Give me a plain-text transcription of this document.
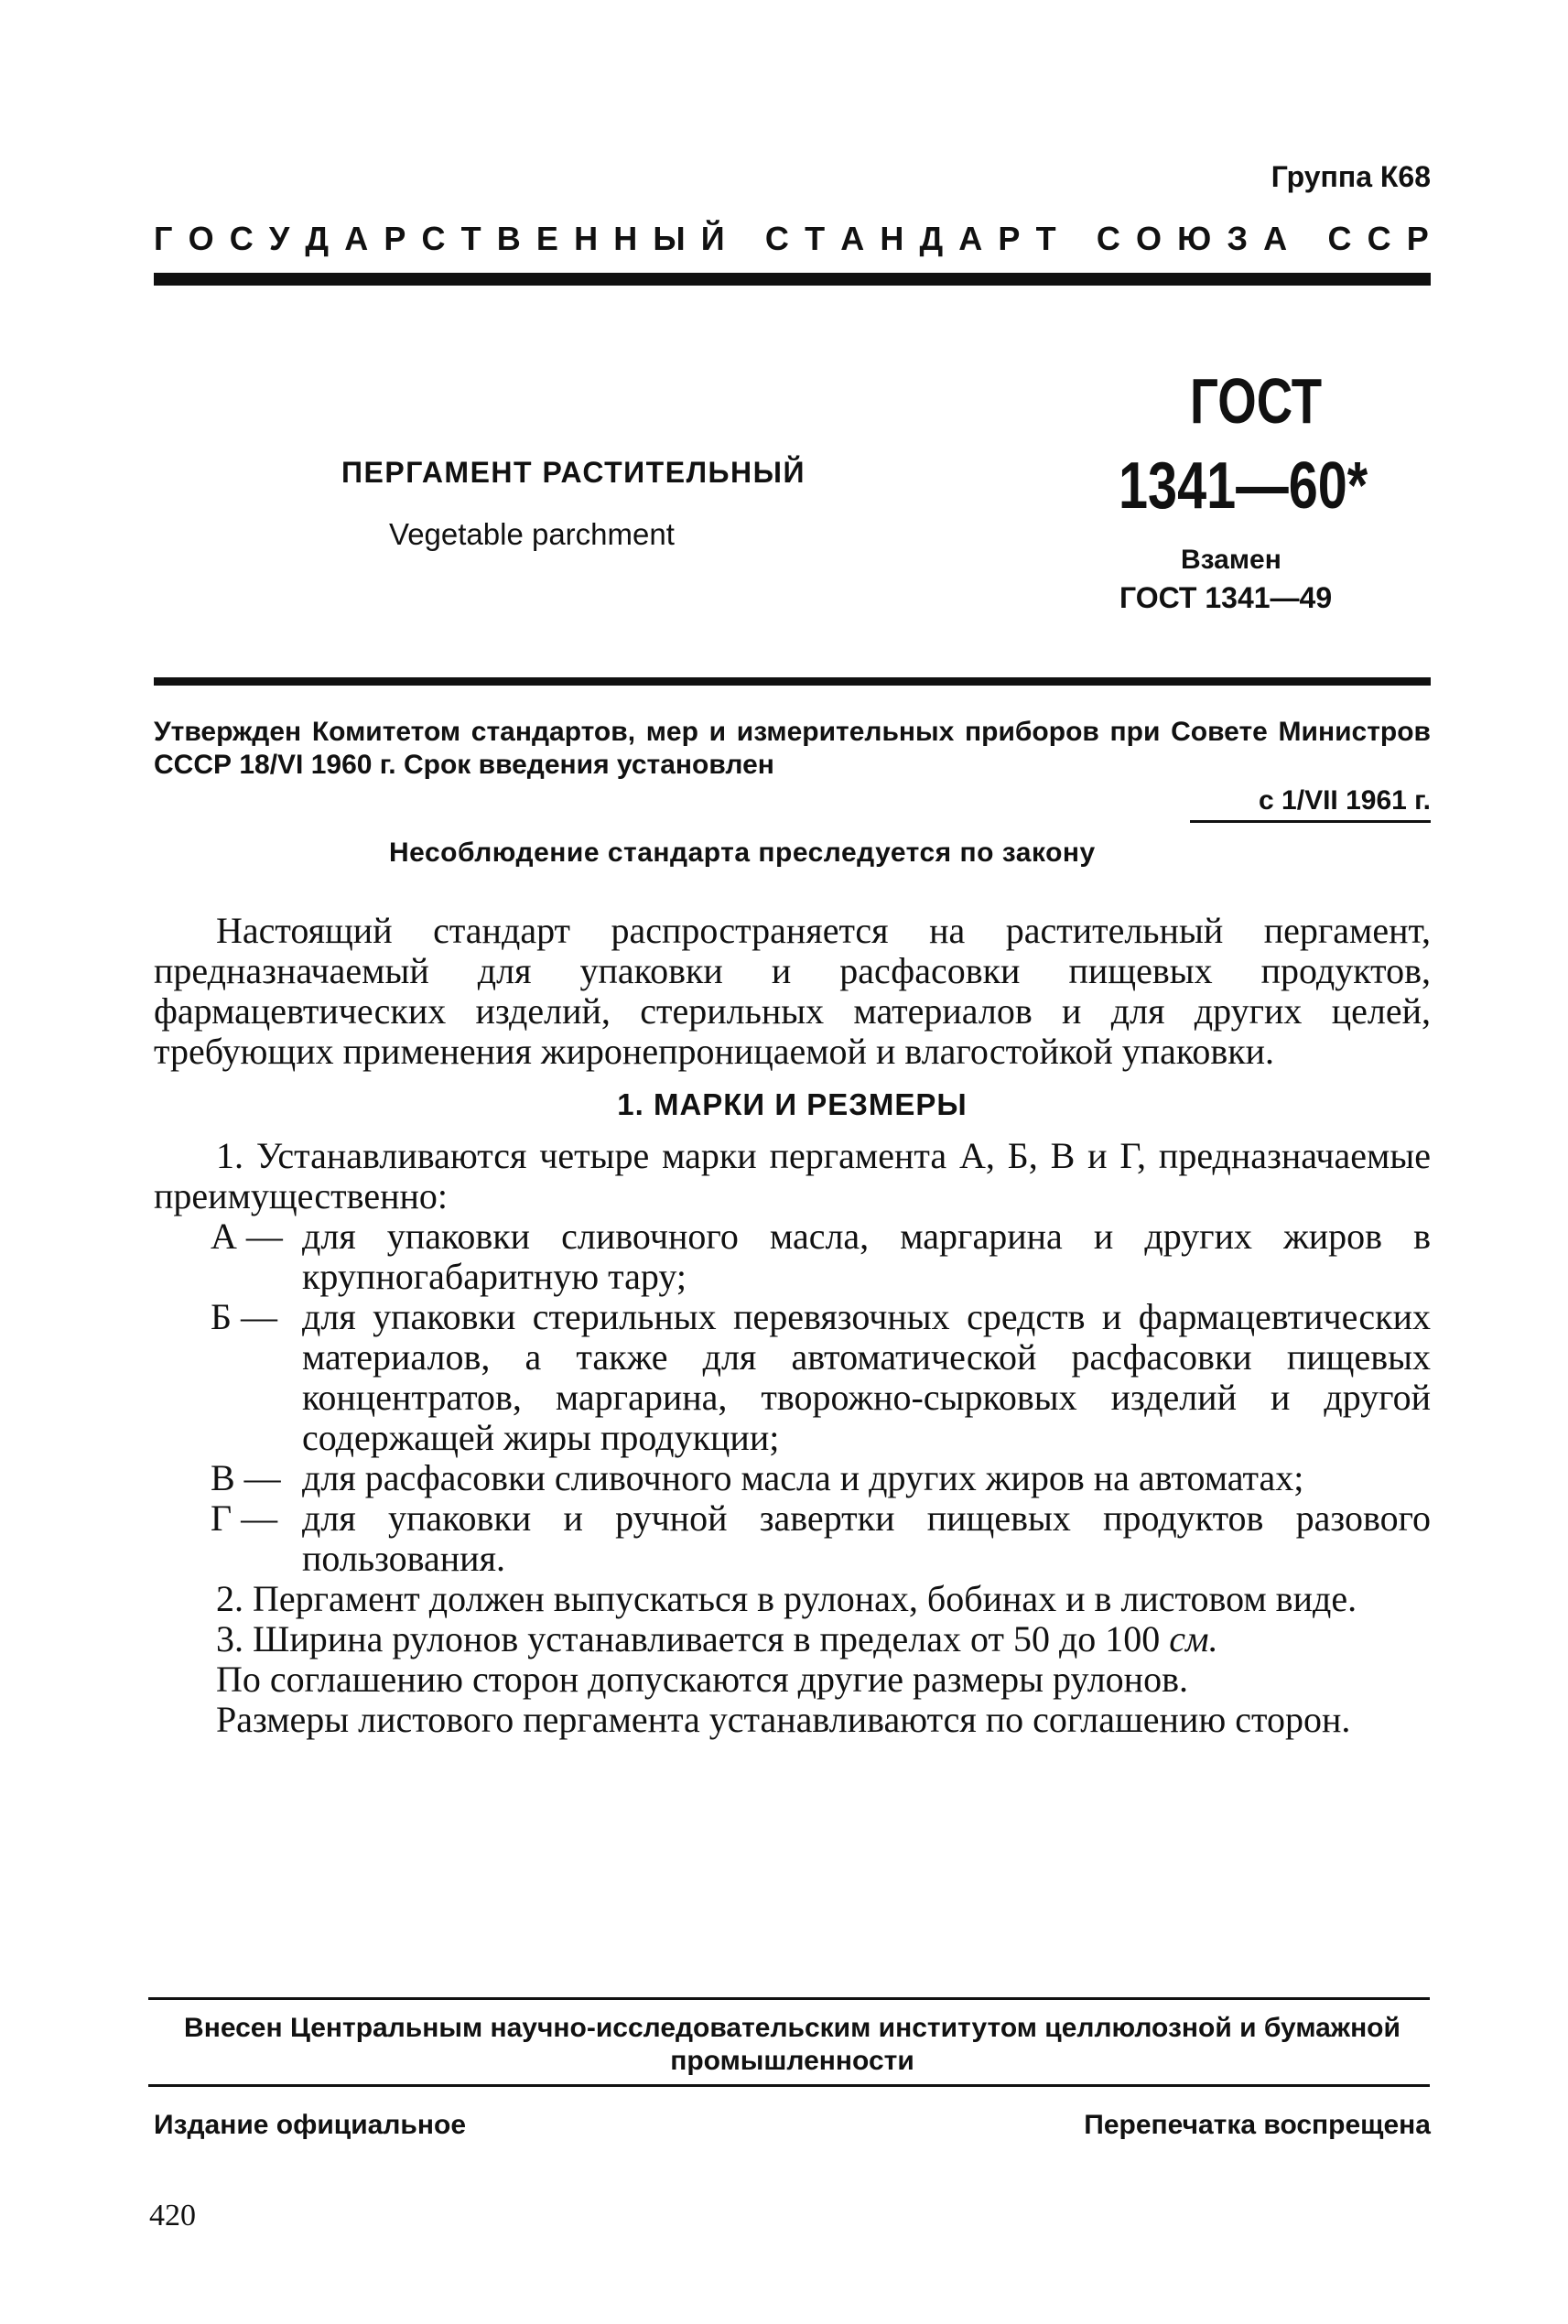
Группа К68
Г О С У Д А Р С Т В Е Н Н Ы Й
С Т А Н Д А Р Т
С О Ю З А
С С Р
ПЕРГАМЕНТ РАСТИТЕЛЬНЫЙ
Vegetable parchment
ГОСТ
1341—60*
Взамен
ГОСТ 1341—49
Утвержден Комитетом стандартов, мер и измерительных приборов при Совете Министров СССР 18/VI 1960 г. Срок введения установлен
с 1/VII 1961 г.
Несоблюдение стандарта преследуется по закону

Настоящий стандарт распространяется на растительный пергамент, предназначаемый для упаковки и расфасовки пищевых продуктов, фармацевтических изделий, стерильных материалов и для других целей, требующих применения жиронепроницаемой и влагостойкой упаковки.

1. МАРКИ И РЕЗМЕРЫ

1. Устанавливаются четыре марки пергамента А, Б, В и Г, предназначаемые преимущественно:

А — для упаковки сливочного масла, маргарина и других жиров в крупногабаритную тару;
Б — для упаковки стерильных перевязочных средств и фармацевтических материалов, а также для автоматической расфасовки пищевых концентратов, маргарина, творожно-сырковых изделий и другой содержащей жиры продукции;
В — для расфасовки сливочного масла и других жиров на автоматах;
Г — для упаковки и ручной завертки пищевых продуктов разового пользования.

2. Пергамент должен выпускаться в рулонах, бобинах и в листовом виде.

3. Ширина рулонов устанавливается в пределах от 50 до 100 см.

По соглашению сторон допускаются другие размеры рулонов.

Размеры листового пергамента устанавливаются по соглашению сторон.

Внесен Центральным научно-исследовательским институтом целлюлозной и бумажной промышленности
Издание официальное	Перепечатка воспрещена
420
